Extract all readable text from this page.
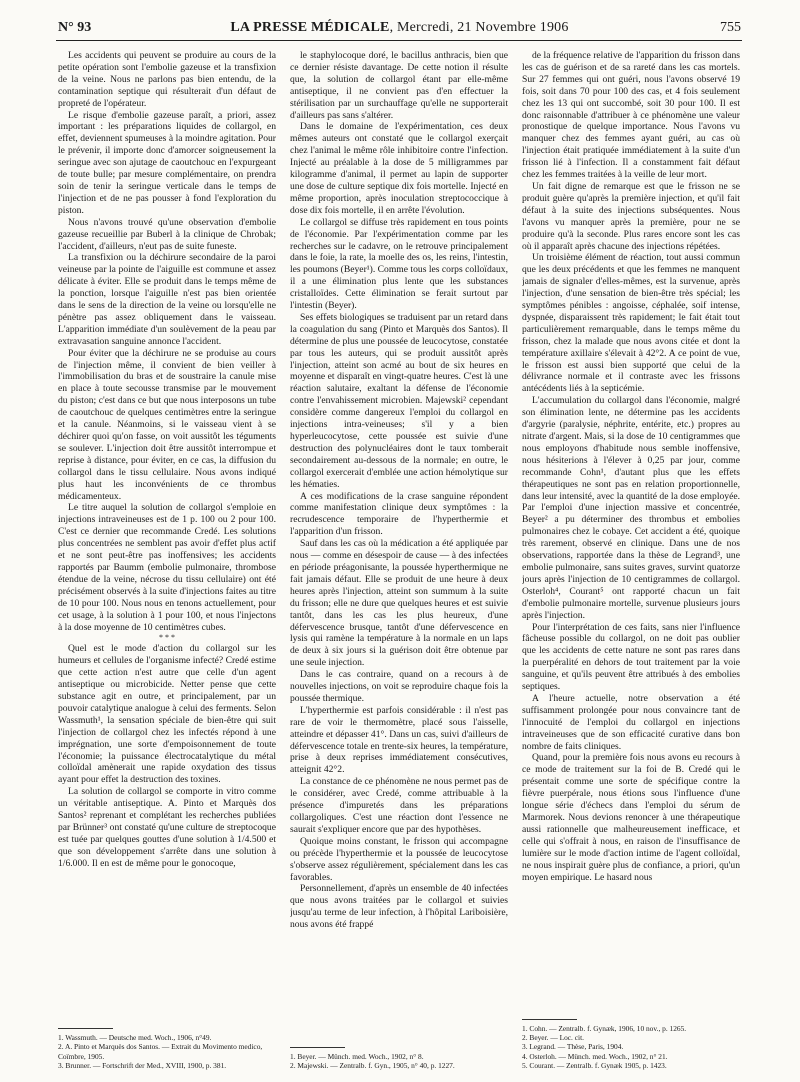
N° 93	LA PRESSE MÉDICALE, Mercredi, 21 Novembre 1906	755

Les accidents qui peuvent se produire au cours de la petite opération sont l'embolie gazeuse et la transfixion de la veine. Nous ne parlons pas bien entendu, de la contamination septique qui résulterait d'un défaut de propreté de l'opérateur.

Le risque d'embolie gazeuse paraît, a priori, assez important : les préparations liquides de collargol, en effet, deviennent spumeuses à la moindre agitation. Pour le prévenir, il importe donc d'amorcer soigneusement la seringue avec son ajutage de caoutchouc en l'expurgeant de toute bulle; par mesure complémentaire, on prendra soin de tenir la seringue verticale dans le temps de l'injection et de ne pas pousser à fond l'exploration du piston.

Nous n'avons trouvé qu'une observation d'embolie gazeuse recueillie par Buberl à la clinique de Chrobak; l'accident, d'ailleurs, n'eut pas de suite funeste.

La transfixion ou la déchirure secondaire de la paroi veineuse par la pointe de l'aiguille est commune et assez délicate à éviter. Elle se produit dans le temps même de la ponction, lorsque l'aiguille n'est pas bien orientée dans le sens de la direction de la veine ou lorsqu'elle ne pénètre pas assez obliquement dans le vaisseau. L'apparition immédiate d'un soulèvement de la peau par extravasation sanguine annonce l'accident.

Pour éviter que la déchirure ne se produise au cours de l'injection même, il convient de bien veiller à l'immobilisation du bras et de soustraire la canule mise en place à toute secousse transmise par le mouvement du piston; c'est dans ce but que nous interposons un tube de caoutchouc de quelques centimètres entre la seringue et la canule. Néanmoins, si le vaisseau vient à se déchirer quoi qu'on fasse, on voit aussitôt les téguments se soulever. L'injection doit être aussitôt interrompue et reprise à distance, pour éviter, en ce cas, la diffusion du collargol dans le tissu cellulaire. Nous avons indiqué plus haut les inconvénients de ce thrombus médicamenteux.

Le titre auquel la solution de collargol s'emploie en injections intraveineuses est de 1 p. 100 ou 2 pour 100. C'est ce dernier que recommande Credé. Les solutions plus concentrées ne semblent pas avoir d'effet plus actif et ne sont peut-être pas inoffensives; les accidents rapportés par Baumm (embolie pulmonaire, thrombose étendue de la veine, nécrose du tissu cellulaire) ont été précisément observés à la suite d'injections faites au titre de 10 pour 100. Nous nous en tenons actuellement, pour cet usage, à la solution à 1 pour 100, et nous l'injectons à la dose moyenne de 10 centimètres cubes.

* * *

Quel est le mode d'action du collargol sur les humeurs et cellules de l'organisme infecté? Credé estime que cette action n'est autre que celle d'un agent antiseptique ou microbicide. Netter pense que cette substance agit en outre, et principalement, par un pouvoir catalytique analogue à celui des ferments. Selon Wassmuth¹, la sensation spéciale de bien-être qui suit l'injection de collargol chez les infectés répond à une imprégnation, une sorte d'empoisonnement de toute l'économie; la puissance électrocatalytique du métal colloïdal amènerait une rapide oxydation des tissus ayant pour effet la destruction des toxines.

La solution de collargol se comporte in vitro comme un véritable antiseptique. A. Pinto et Marquès dos Santos² reprenant et complétant les recherches publiées par Brünner³ ont constaté qu'une culture de streptocoque est tuée par quelques gouttes d'une solution à 1/4.500 et que son développement s'arrête dans une solution à 1/6.000. Il en est de même pour le gonocoque,

1. Wassmuth. — Deutsche med. Woch., 1906, n°49.
2. A. Pinto et Marquès dos Santos. — Extrait du Movimento medico, Coïmbre, 1905.
3. Brunner. — Fortschrift der Med., XVIII, 1900, p. 381.

le staphylocoque doré, le bacillus anthracis, bien que ce dernier résiste davantage. De cette notion il résulte que, la solution de collargol étant par elle-même antiseptique, il ne convient pas d'en effectuer la stérilisation par un surchauffage qu'elle ne supporterait d'ailleurs pas sans s'altérer.

Dans le domaine de l'expérimentation, ces deux mêmes auteurs ont constaté que le collargol exerçait chez l'animal le même rôle inhibitoire contre l'infection. Injecté au préalable à la dose de 5 milligrammes par kilogramme d'animal, il permet au lapin de supporter une dose de culture septique dix fois mortelle. Injecté en même proportion, après inoculation streptococcique à dose dix fois mortelle, il en arrête l'évolution.

Le collargol se diffuse très rapidement en tous points de l'économie. Par l'expérimentation comme par les recherches sur le cadavre, on le retrouve principalement dans le foie, la rate, la moelle des os, les reins, l'intestin, les poumons (Beyer¹). Comme tous les corps colloïdaux, il a une élimination plus lente que les substances cristalloïdes. Cette élimination se ferait surtout par l'intestin (Beyer).

Ses effets biologiques se traduisent par un retard dans la coagulation du sang (Pinto et Marquès dos Santos). Il détermine de plus une poussée de leucocytose, constatée par tous les auteurs, qui se produit aussitôt après l'injection, atteint son acmé au bout de six heures en moyenne et disparaît en vingt-quatre heures. C'est là une réaction salutaire, exaltant la défense de l'économie contre l'envahissement microbien. Majewski² cependant considère comme dangereux l'emploi du collargol en injections intra-veineuses; s'il y a bien hyperleucocytose, cette poussée est suivie d'une destruction des polynucléaires dont le taux tomberait secondairement au-dessous de la normale; en outre, le collargol exercerait d'emblée une action hémolytique sur les hématies.

A ces modifications de la crase sanguine répondent comme manifestation clinique deux symptômes : la recrudescence temporaire de l'hyperthermie et l'apparition d'un frisson.

Sauf dans les cas où la médication a été appliquée par nous — comme en désespoir de cause — à des infectées en période préagonisante, la poussée hyperthermique ne fait jamais défaut. Elle se produit de une heure à deux heures après l'injection, atteint son summum à la suite du frisson; elle ne dure que quelques heures et est suivie tantôt, dans les cas les plus heureux, d'une défervescence brusque, tantôt d'une défervescence en lysis qui ramène la température à la normale en un laps de deux à six jours si la guérison doit être obtenue par une seule injection.

Dans le cas contraire, quand on a recours à de nouvelles injections, on voit se reproduire chaque fois la poussée thermique.

L'hyperthermie est parfois considérable : il n'est pas rare de voir le thermomètre, placé sous l'aisselle, atteindre et dépasser 41°. Dans un cas, suivi d'ailleurs de défervescence totale en trente-six heures, la température, prise à deux reprises immédiatement consécutives, atteignit 42°2.

La constance de ce phénomène ne nous permet pas de le considérer, avec Credé, comme attribuable à la présence d'impuretés dans les préparations collargoliques. C'est une réaction dont l'essence ne saurait s'expliquer encore que par des hypothèses.

Quoique moins constant, le frisson qui accompagne ou précède l'hyperthermie et la poussée de leucocytose s'observe assez régulièrement, spécialement dans les cas favorables.

Personnellement, d'après un ensemble de 40 infectées que nous avons traitées par le collargol et suivies jusqu'au terme de leur infection, à l'hôpital Lariboisière, nous avons été frappé

1. Beyer. — Münch. med. Woch., 1902, n° 8.
2. Majewski. — Zentralb. f. Gyn., 1905, n° 40, p. 1227.

de la fréquence relative de l'apparition du frisson dans les cas de guérison et de sa rareté dans les cas mortels. Sur 27 femmes qui ont guéri, nous l'avons observé 19 fois, soit dans 70 pour 100 des cas, et 4 fois seulement chez les 13 qui ont succombé, soit 30 pour 100. Il est donc raisonnable d'attribuer à ce phénomène une valeur pronostique de quelque importance. Nous l'avons vu manquer chez des femmes ayant guéri, au cas où l'injection était pratiquée immédiatement à la suite d'un frisson lié à l'infection. Il a constamment fait défaut chez les femmes traitées à la veille de leur mort.

Un fait digne de remarque est que le frisson ne se produit guère qu'après la première injection, et qu'il fait défaut à la suite des injections subséquentes. Nous l'avons vu manquer après la première, pour ne se produire qu'à la seconde. Plus rares encore sont les cas où il apparaît après chacune des injections répétées.

Un troisième élément de réaction, tout aussi commun que les deux précédents et que les femmes ne manquent jamais de signaler d'elles-mêmes, est la survenue, après l'injection, d'une sensation de bien-être très spécial; les symptômes pénibles : angoisse, céphalée, soif intense, dyspnée, disparaissent très rapidement; le fait était tout particulièrement remarquable, dans le temps même du frisson, chez la malade que nous avons citée et dont la température axillaire s'élevait à 42°2. A ce point de vue, le frisson est aussi bien supporté que celui de la délivrance normale et il contraste avec les frissons antécédents liés à la septicémie.

L'accumulation du collargol dans l'économie, malgré son élimination lente, ne détermine pas les accidents d'argyrie (paralysie, néphrite, entérite, etc.) propres au nitrate d'argent. Mais, si la dose de 10 centigrammes que nous employons d'habitude nous semble inoffensive, nous hésiterions à l'élever à 0,25 par jour, comme recommande Cohn¹, d'autant plus que les effets thérapeutiques ne sont pas en relation proportionnelle, dans leur intensité, avec la quantité de la dose employée. Par l'emploi d'une injection massive et concentrée, Beyer² a pu déterminer des thrombus et embolies pulmonaires chez le cobaye. Cet accident a été, quoique très rarement, observé en clinique. Dans une de nos observations, rapportée dans la thèse de Legrand³, une embolie pulmonaire, sans suites graves, survint quatorze jours après l'injection de 10 centigrammes de collargol. Osterloh⁴, Courant⁵ ont rapporté chacun un fait d'embolie pulmonaire mortelle, survenue plusieurs jours après l'injection.

Pour l'interprétation de ces faits, sans nier l'influence fâcheuse possible du collargol, on ne doit pas oublier que les accidents de cette nature ne sont pas rares dans la puerpéralité en dehors de tout traitement par la voie sanguine, et qu'ils peuvent être attribués à des embolies septiques.

A l'heure actuelle, notre observation a été suffisamment prolongée pour nous convaincre tant de l'innocuité de l'emploi du collargol en injections intraveineuses que de son efficacité curative dans bon nombre de faits cliniques.

Quand, pour la première fois nous avons eu recours à ce mode de traitement sur la foi de B. Credé qui le présentait comme une sorte de spécifique contre la fièvre puerpérale, nous étions sous l'influence d'une longue série d'échecs dans l'emploi du sérum de Marmorek. Nous devions renoncer à une thérapeutique aussi rationnelle que malheureusement inefficace, et celle qui s'offrait à nous, en raison de l'insuffisance de lumière sur le mode d'action intime de l'agent colloïdal, ne nous inspirait guère plus de confiance, a priori, qu'un moyen empirique. Le hasard nous

1. Cohn. — Zentralb. f. Gynæk, 1906, 10 nov., p. 1265.
2. Beyer. — Loc. cit.
3. Legrand. — Thèse, Paris, 1904.
4. Osterloh. — Münch. med. Woch., 1902, n° 21.
5. Courant. — Zentralb. f. Gynæk 1905, p. 1423.
